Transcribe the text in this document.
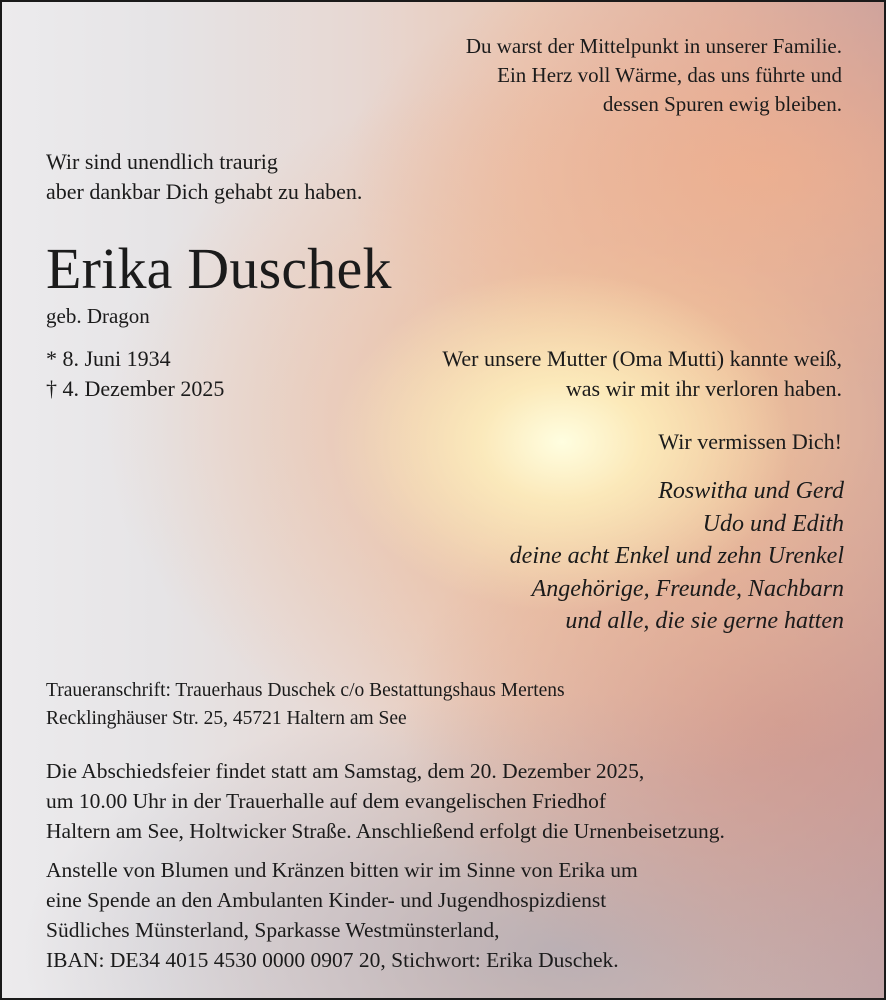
Du warst der Mittelpunkt in unserer Familie.
Ein Herz voll Wärme, das uns führte und
dessen Spuren ewig bleiben.
Wir sind unendlich traurig
aber dankbar Dich gehabt zu haben.
Erika Duschek
geb. Dragon
* 8. Juni 1934
† 4. Dezember 2025
Wer unsere Mutter (Oma Mutti) kannte weiß,
was wir mit ihr verloren haben.
Wir vermissen Dich!
Roswitha und Gerd
Udo und Edith
deine acht Enkel und zehn Urenkel
Angehörige, Freunde, Nachbarn
und alle, die sie gerne hatten
Traueranschrift: Trauerhaus Duschek c/o Bestattungshaus Mertens
Recklinghäuser Str. 25, 45721 Haltern am See
Die Abschiedsfeier findet statt am Samstag, dem 20. Dezember 2025,
um 10.00 Uhr in der Trauerhalle auf dem evangelischen Friedhof
Haltern am See, Holtwicker Straße. Anschließend erfolgt die Urnenbeisetzung.
Anstelle von Blumen und Kränzen bitten wir im Sinne von Erika um
eine Spende an den Ambulanten Kinder- und Jugendhospizdienst
Südliches Münsterland, Sparkasse Westmünsterland,
IBAN: DE34 4015 4530 0000 0907 20, Stichwort: Erika Duschek.
